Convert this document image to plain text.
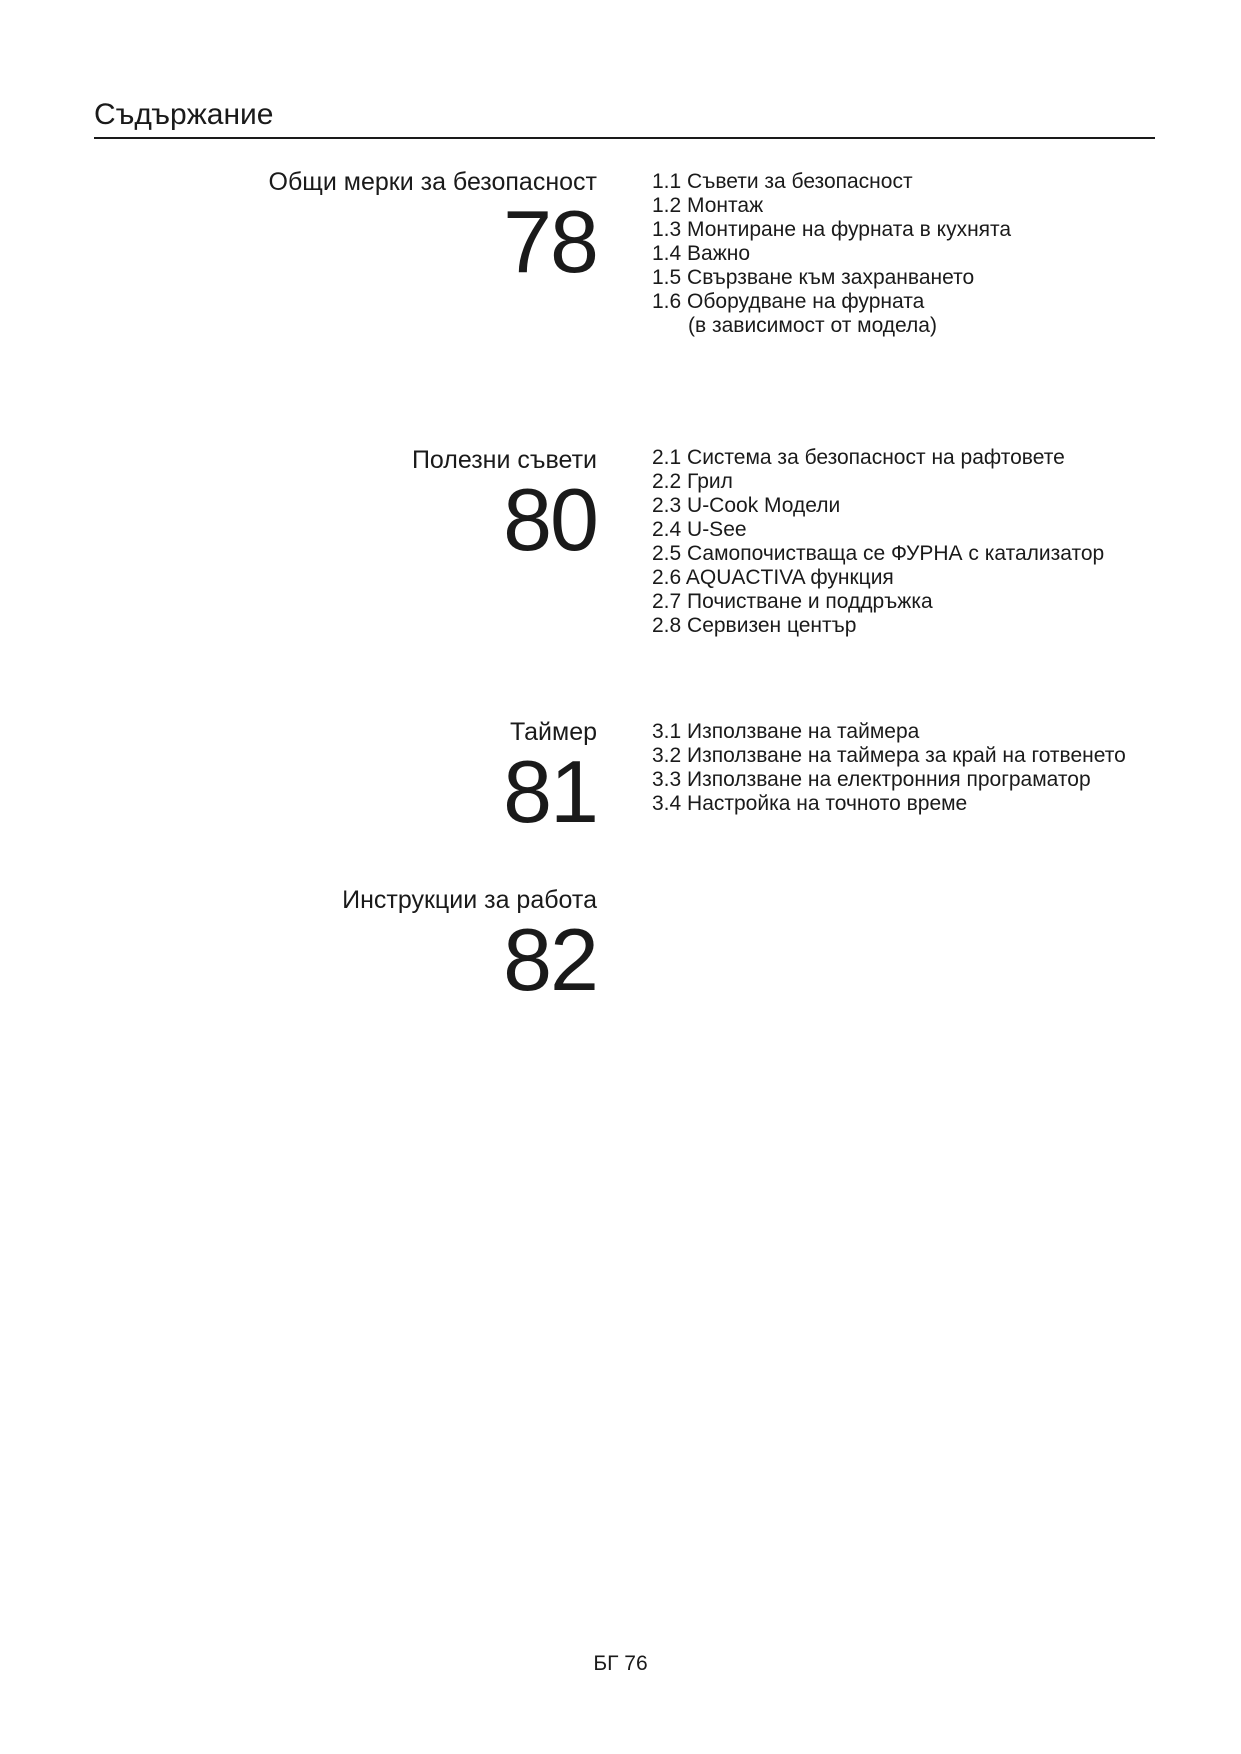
Съдържание
Общи мерки за безопасност
78
1.1 Съвети за безопасност
1.2 Монтаж
1.3 Монтиране на фурната в кухнята
1.4 Важно
1.5 Свързване към захранването
1.6 Оборудване на фурната
(в зависимост от модела)
Полезни съвети
80
2.1 Система за безопасност на рафтовете
2.2 Грил
2.3 U-Cook Модели
2.4 U-See
2.5 Самопочистваща се ФУРНА с катализатор
2.6 AQUACTIVA функция
2.7 Почистване и поддръжка
2.8 Сервизен център
Таймер
81
3.1 Използване на таймера
3.2 Използване на таймера за край на готвенето
3.3 Използване на електронния програматор
3.4 Настройка на точното време
Инструкции за работа
82
БГ 76
